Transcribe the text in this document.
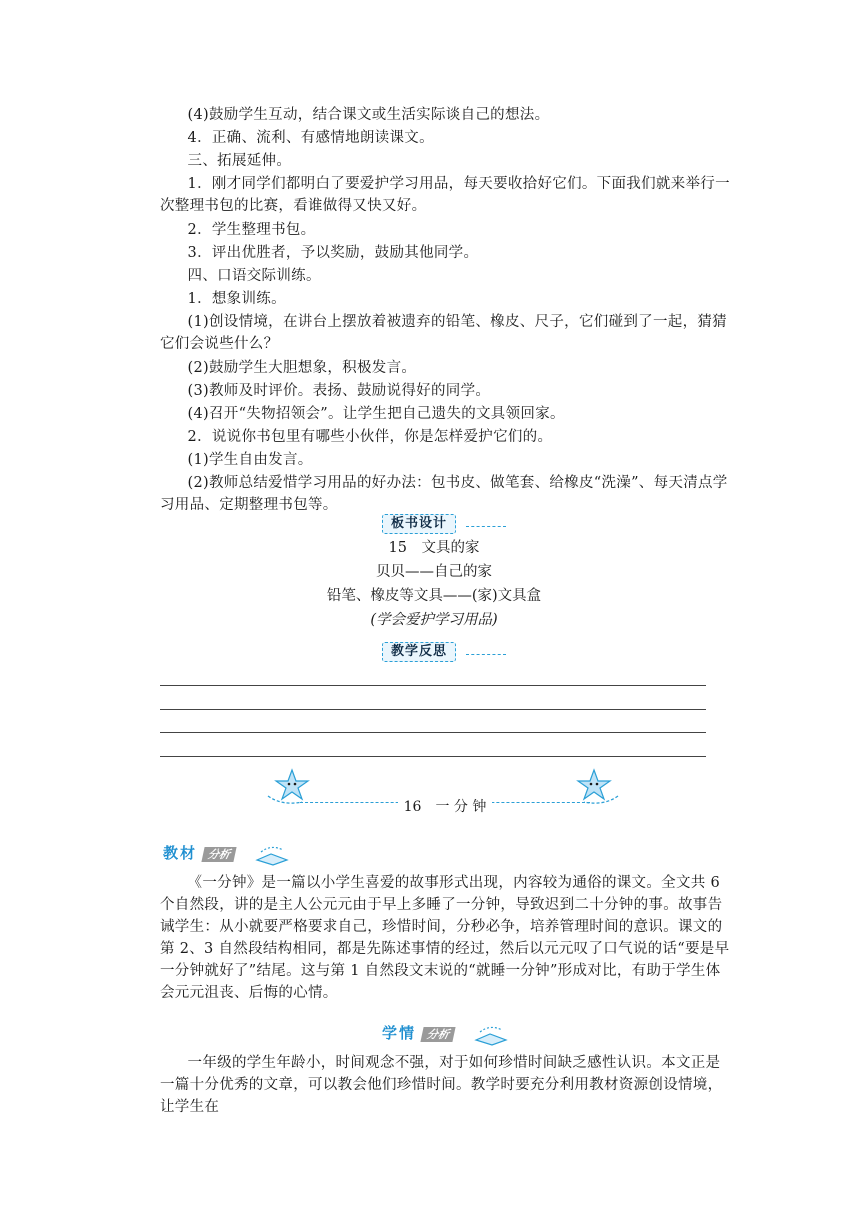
(4)鼓励学生互动，结合课文或生活实际谈自己的想法。

4．正确、流利、有感情地朗读课文。

三、拓展延伸。

1．刚才同学们都明白了要爱护学习用品，每天要收拾好它们。下面我们就来举行一次整理书包的比赛，看谁做得又快又好。

2．学生整理书包。

3．评出优胜者，予以奖励，鼓励其他同学。

四、口语交际训练。

1．想象训练。

(1)创设情境，在讲台上摆放着被遗弃的铅笔、橡皮、尺子，它们碰到了一起，猜猜它们会说些什么？

(2)鼓励学生大胆想象，积极发言。

(3)教师及时评价。表扬、鼓励说得好的同学。

(4)召开“失物招领会”。让学生把自己遗失的文具领回家。

2．说说你书包里有哪些小伙伴，你是怎样爱护它们的。

(1)学生自由发言。

(2)教师总结爱惜学习用品的好办法：包书皮、做笔套、给橡皮“洗澡”、每天清点学习用品、定期整理书包等。

板书设计

15　文具的家

贝贝——自己的家

铅笔、橡皮等文具——(家)文具盒

(学会爱护学习用品)

教学反思
16　一 分 钟
教材 分析

《一分钟》是一篇以小学生喜爱的故事形式出现，内容较为通俗的课文。全文共 6 个自然段，讲的是主人公元元由于早上多睡了一分钟，导致迟到二十分钟的事。故事告诫学生：从小就要严格要求自己，珍惜时间，分秒必争，培养管理时间的意识。课文的第 2、3 自然段结构相同，都是先陈述事情的经过，然后以元元叹了口气说的话“要是早一分钟就好了”结尾。这与第 1 自然段文末说的“就睡一分钟”形成对比，有助于学生体会元元沮丧、后悔的心情。

学情 分析

一年级的学生年龄小，时间观念不强，对于如何珍惜时间缺乏感性认识。本文正是一篇十分优秀的文章，可以教会他们珍惜时间。教学时要充分利用教材资源创设情境，让学生在
